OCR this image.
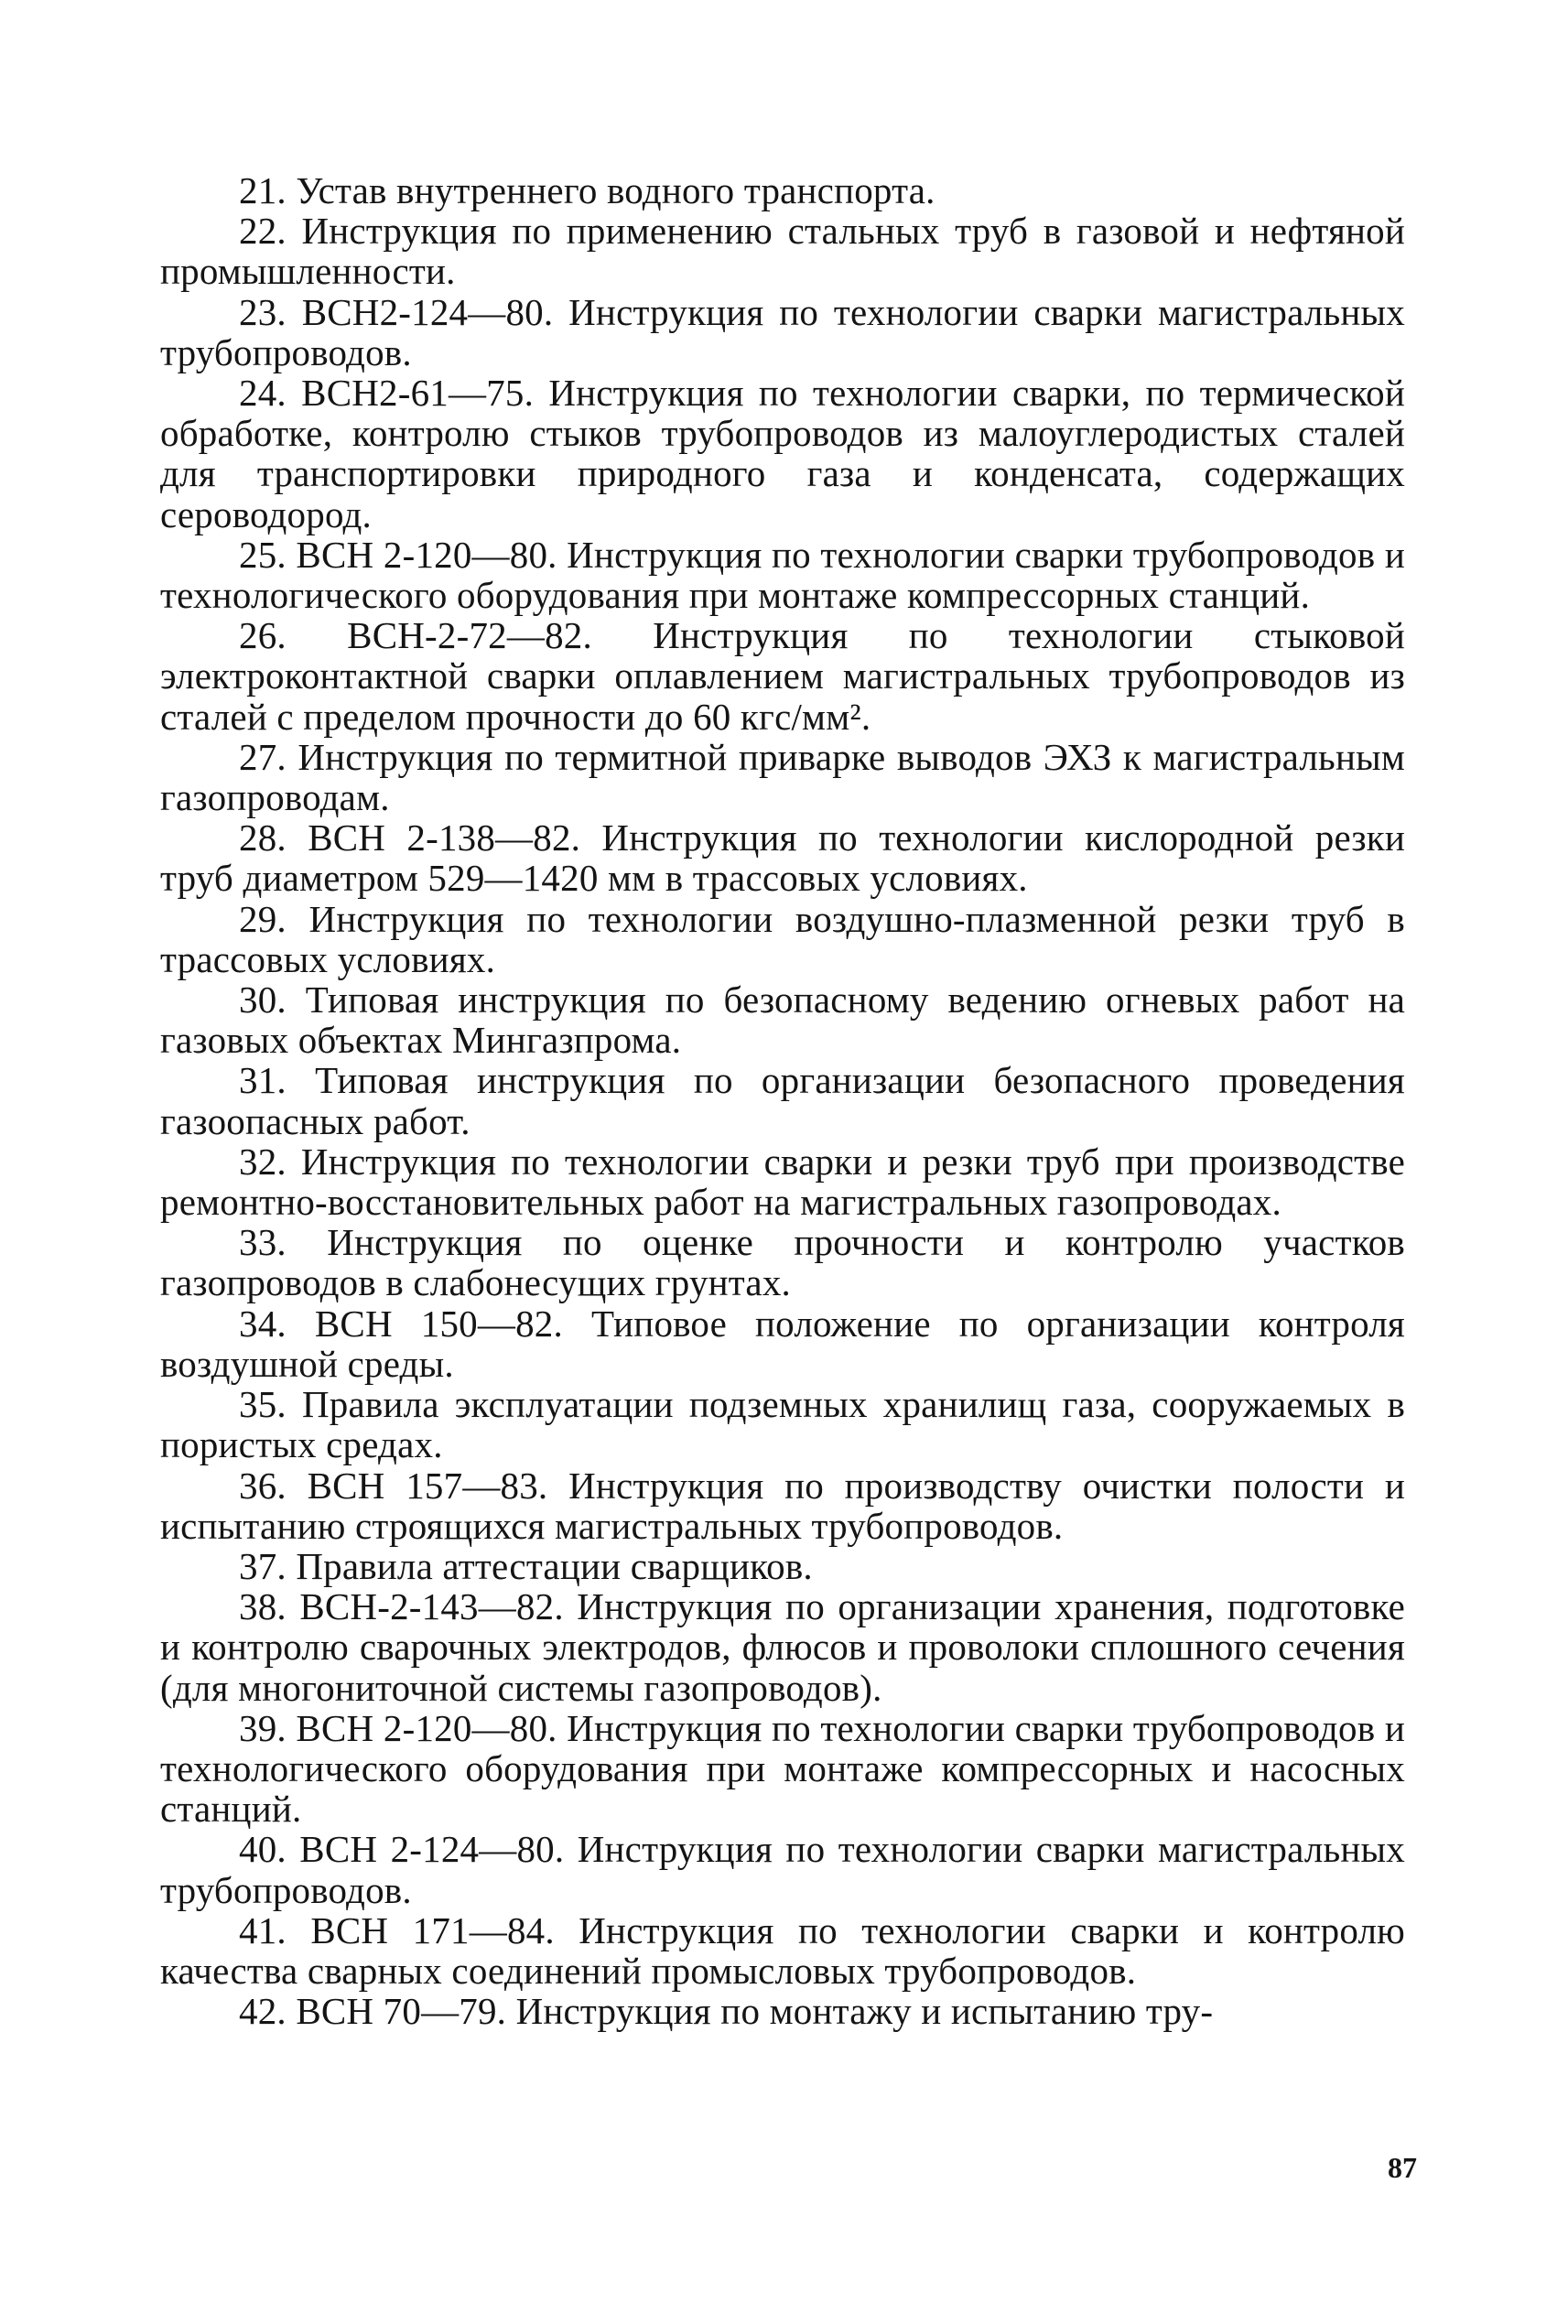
21. Устав внутреннего водного транспорта.

22. Инструкция по применению стальных труб в газовой и нефтяной промышленности.

23. ВСН2-124—80. Инструкция по технологии сварки магистральных трубопроводов.

24. ВСН2-61—75. Инструкция по технологии сварки, по термической обработке, контролю стыков трубопроводов из малоуглеродистых сталей для транспортировки природного газа и конденсата, содержащих сероводород.

25. ВСН 2-120—80. Инструкция по технологии сварки трубопроводов и технологического оборудования при монтаже компрессорных станций.

26. ВСН-2-72—82. Инструкция по технологии стыковой электроконтактной сварки оплавлением магистральных трубопроводов из сталей с пределом прочности до 60 кгс/мм².

27. Инструкция по термитной приварке выводов ЭХЗ к магистральным газопроводам.

28. ВСН 2-138—82. Инструкция по технологии кислородной резки труб диаметром 529—1420 мм в трассовых условиях.

29. Инструкция по технологии воздушно-плазменной резки труб в трассовых условиях.

30. Типовая инструкция по безопасному ведению огневых работ на газовых объектах Мингазпрома.

31. Типовая инструкция по организации безопасного проведения газоопасных работ.

32. Инструкция по технологии сварки и резки труб при производстве ремонтно-восстановительных работ на магистральных газопроводах.

33. Инструкция по оценке прочности и контролю участков газопроводов в слабонесущих грунтах.

34. ВСН 150—82. Типовое положение по организации контроля воздушной среды.

35. Правила эксплуатации подземных хранилищ газа, сооружаемых в пористых средах.

36. ВСН 157—83. Инструкция по производству очистки полости и испытанию строящихся магистральных трубопроводов.

37. Правила аттестации сварщиков.

38. ВСН-2-143—82. Инструкция по организации хранения, подготовке и контролю сварочных электродов, флюсов и проволоки сплошного сечения (для многониточной системы газопроводов).

39. ВСН 2-120—80. Инструкция по технологии сварки трубопроводов и технологического оборудования при монтаже компрессорных и насосных станций.

40. ВСН 2-124—80. Инструкция по технологии сварки магистральных трубопроводов.

41. ВСН 171—84. Инструкция по технологии сварки и контролю качества сварных соединений промысловых трубопроводов.

42. ВСН 70—79. Инструкция по монтажу и испытанию тру-

87
